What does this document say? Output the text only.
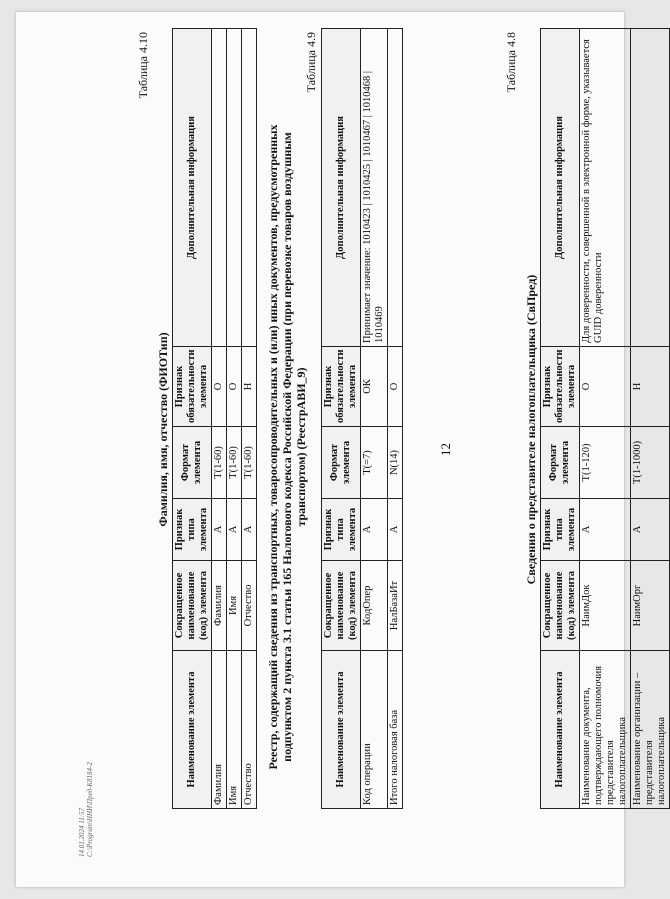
12
Таблица 4.8
Сведения о представителе налогоплательщика (СвПред)
Наименование элемента	Сокращенное наименование (код) элемента	Признак типа элемента	Формат элемента	Признак обязательности элемента	Дополнительная информация
Наименование документа, подтверждающего полномочия представителя налогоплательщика	НаимДок	А	T(1-120)	О	Для доверенности, совершенной в электронной форме, указывается GUID доверенности
Наименование организации – представителя налогоплательщика	НаимОрг	А	T(1-1000)	Н	
Таблица 4.9
Реестр, содержащий сведения из транспортных, товаросопроводительных и (или) иных документов, предусмотренных подпунктом 2 пункта 3.1 статьи 165 Налогового кодекса Российской Федерации (при перевозке товаров воздушным транспортом) (РеестрАВИ_9)
Наименование элемента	Сокращенное наименование (код) элемента	Признак типа элемента	Формат элемента	Признак обязательности элемента	Дополнительная информация
Код операции	КодОпер	А	T(=7)	ОК	Принимает значение: 1010423 | 1010425 | 1010467 | 1010468 | 1010469
Итого налоговая база	НалБазаИт	А	N(14)	О	
Таблица 4.10
Фамилия, имя, отчество (ФИОТип)
Наименование элемента	Сокращенное наименование (код) элемента	Признак типа элемента	Формат элемента	Признак обязательности элемента	Дополнительная информация
Фамилия	Фамилия	А	T(1-60)	О	
Имя	Имя	А	T(1-60)	О	
Отчество	Отчество	А	T(1-60)	Н	
14.01.2024 11:57 C:\Program\ННИ\Пред-К8184-2
